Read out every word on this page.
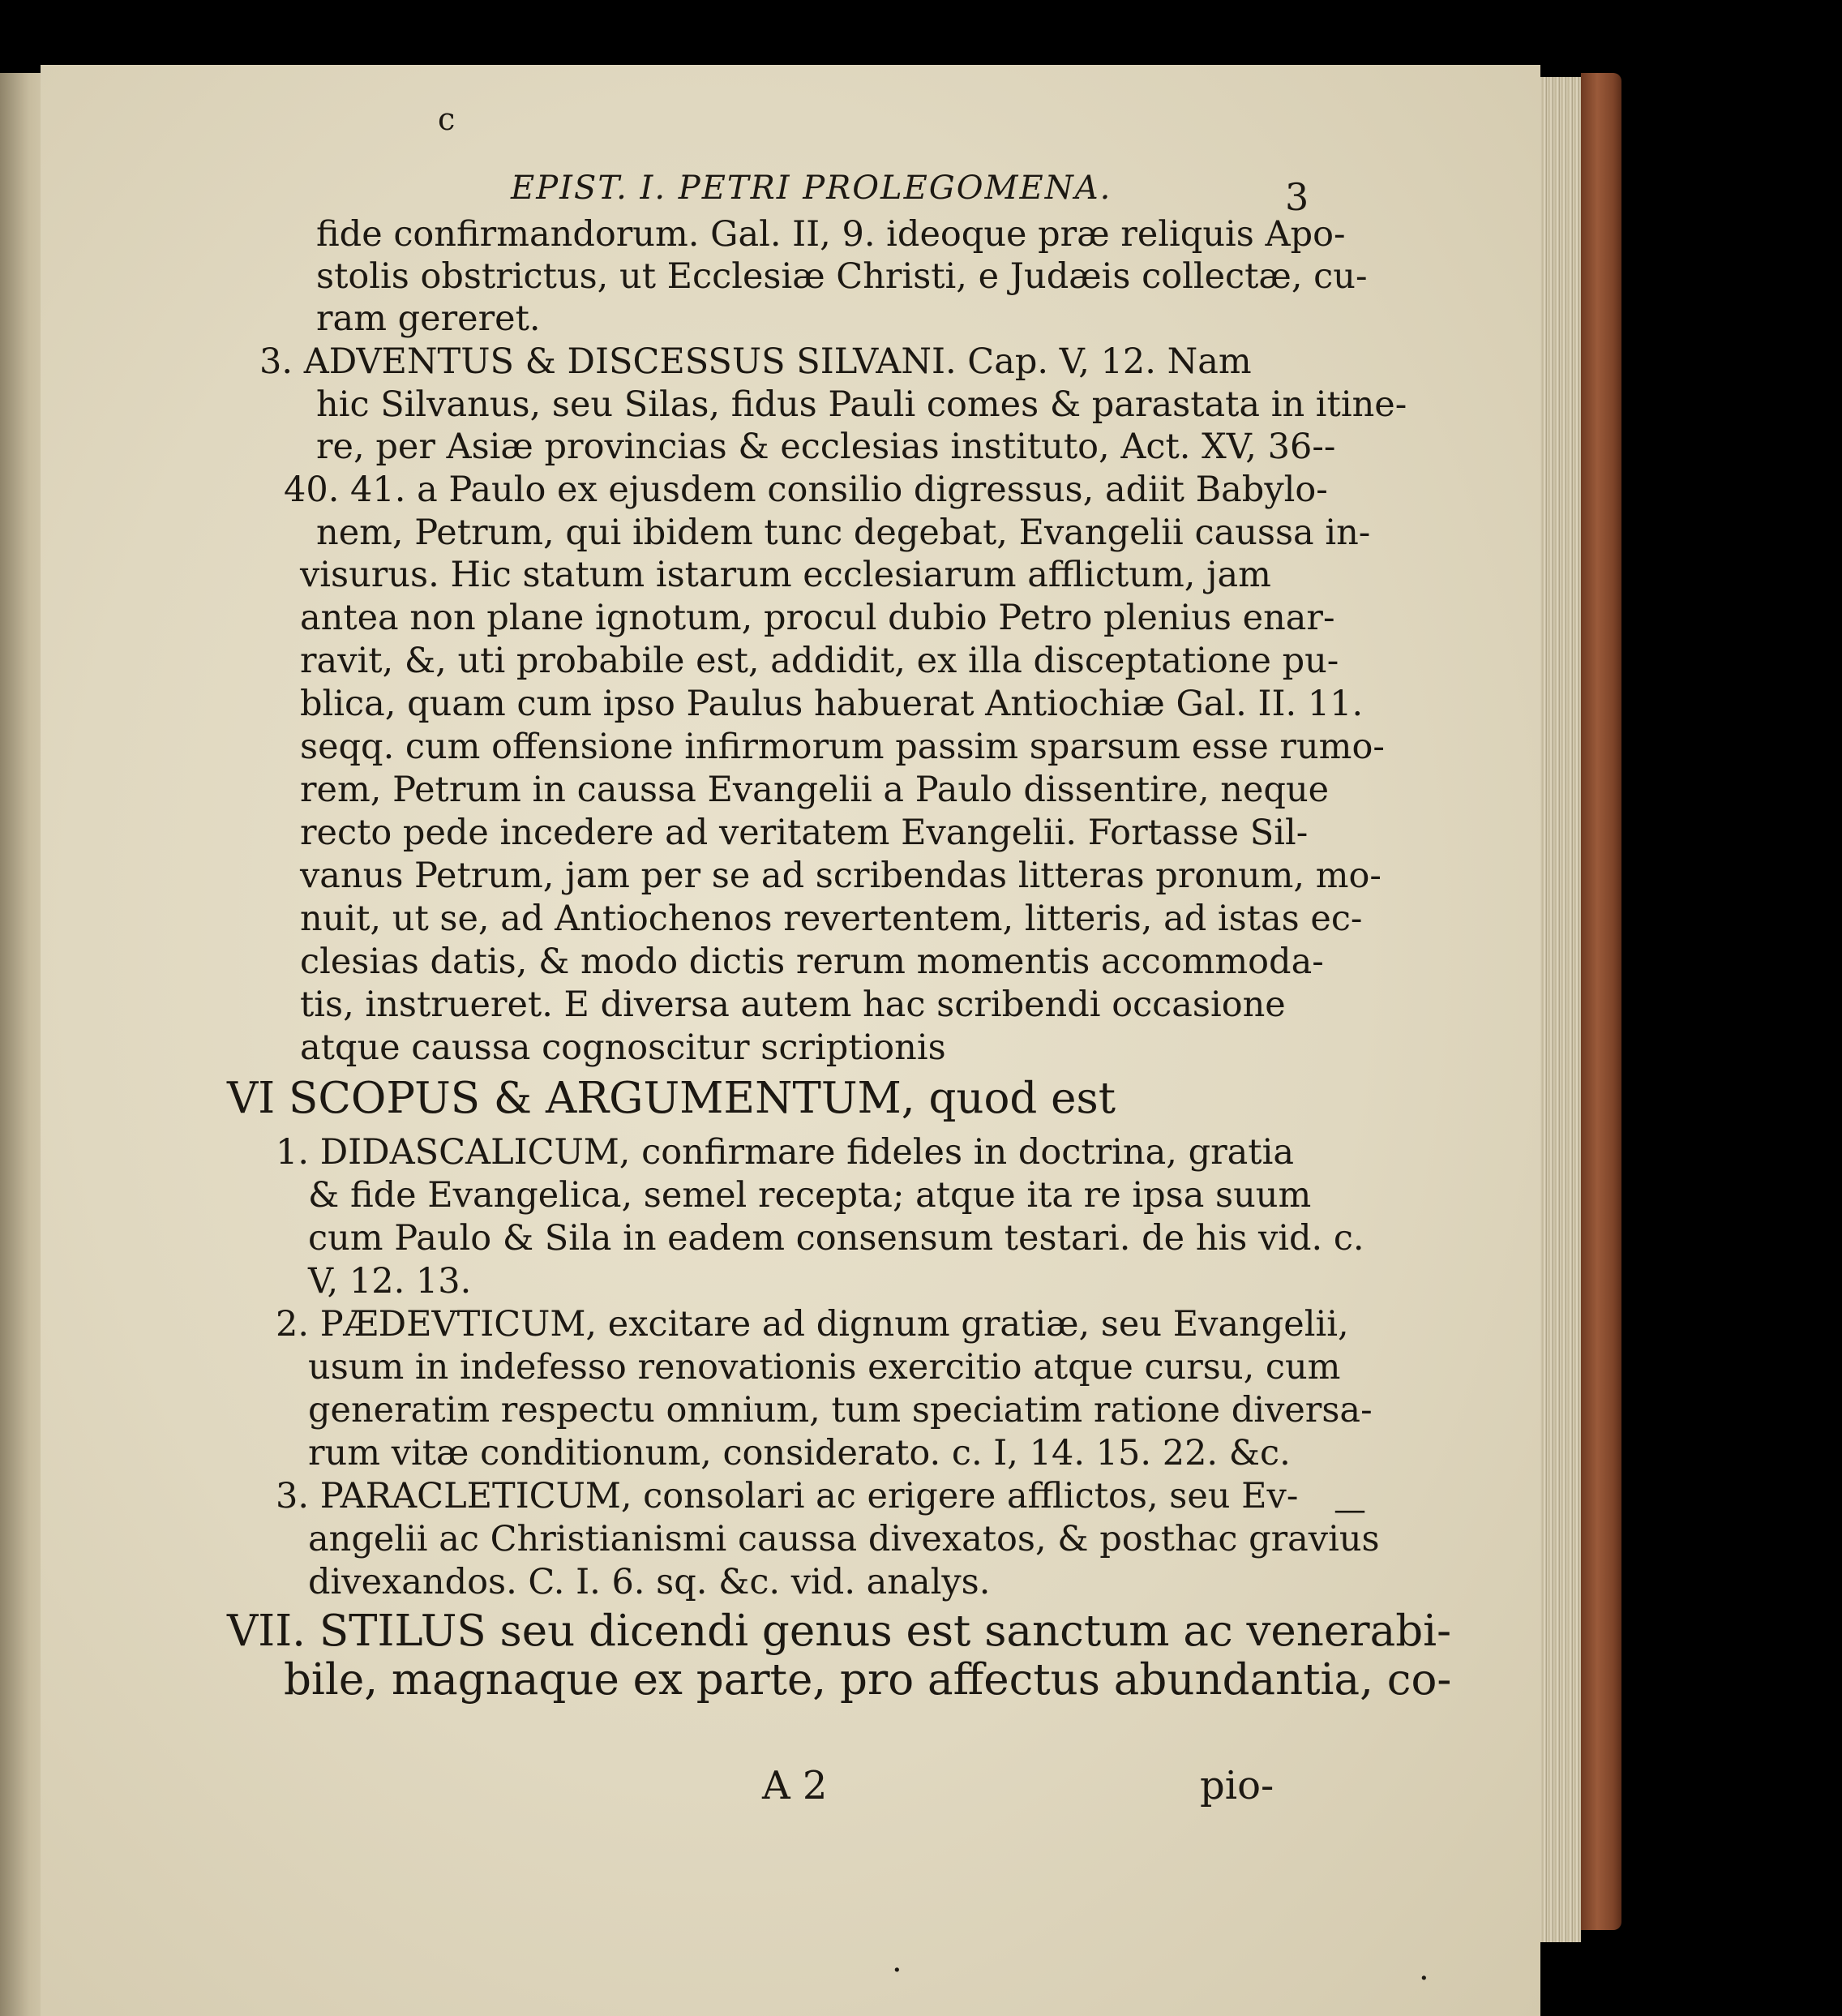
c
EPIST. I. PETRI PROLEGOMENA.	3
fide confirmandorum. Gal. II, 9. ideoque præ reliquis Apo-
stolis obstrictus, ut Ecclesiæ Christi, e Judæis collectæ, cu-
ram gereret.
3. ADVENTUS & DISCESSUS SILVANI. Cap. V, 12. Nam
hic Silvanus, seu Silas, fidus Pauli comes & parastata in itine-
re, per Asiæ provincias & ecclesias instituto, Act. XV, 36--
40. 41. a Paulo ex ejusdem consilio digressus, adiit Babylo-
nem, Petrum, qui ibidem tunc degebat, Evangelii caussa in-
visurus. Hic statum istarum ecclesiarum afflictum, jam
antea non plane ignotum, procul dubio Petro plenius enar-
ravit, &, uti probabile est, addidit, ex illa disceptatione pu-
blica, quam cum ipso Paulus habuerat Antiochiæ Gal. II. 11.
seqq. cum offensione infirmorum passim sparsum esse rumo-
rem, Petrum in caussa Evangelii a Paulo dissentire, neque
recto pede incedere ad veritatem Evangelii. Fortasse Sil-
vanus Petrum, jam per se ad scribendas litteras pronum, mo-
nuit, ut se, ad Antiochenos revertentem, litteris, ad istas ec-
clesias datis, & modo dictis rerum momentis accommoda-
tis, instrueret. E diversa autem hac scribendi occasione
atque caussa cognoscitur scriptionis
VI SCOPUS & ARGUMENTUM, quod est
1. DIDASCALICUM, confirmare fideles in doctrina, gratia
& fide Evangelica, semel recepta; atque ita re ipsa suum
cum Paulo & Sila in eadem consensum testari. de his vid. c.
V, 12. 13.
2. PÆDEVTICUM, excitare ad dignum gratiæ, seu Evangelii,
usum in indefesso renovationis exercitio atque cursu, cum
generatim respectu omnium, tum speciatim ratione diversa-
rum vitæ conditionum, considerato. c. I, 14. 15. 22. &c.
3. PARACLETICUM, consolari ac erigere afflictos, seu Ev-
angelii ac Christianismi caussa divexatos, & posthac gravius
divexandos. C. I. 6. sq. &c. vid. analys.
VII. STILUS seu dicendi genus est sanctum ac venerabi-
bile, magnaque ex parte, pro affectus abundantia, co-
A 2	pio-
—
·	·
